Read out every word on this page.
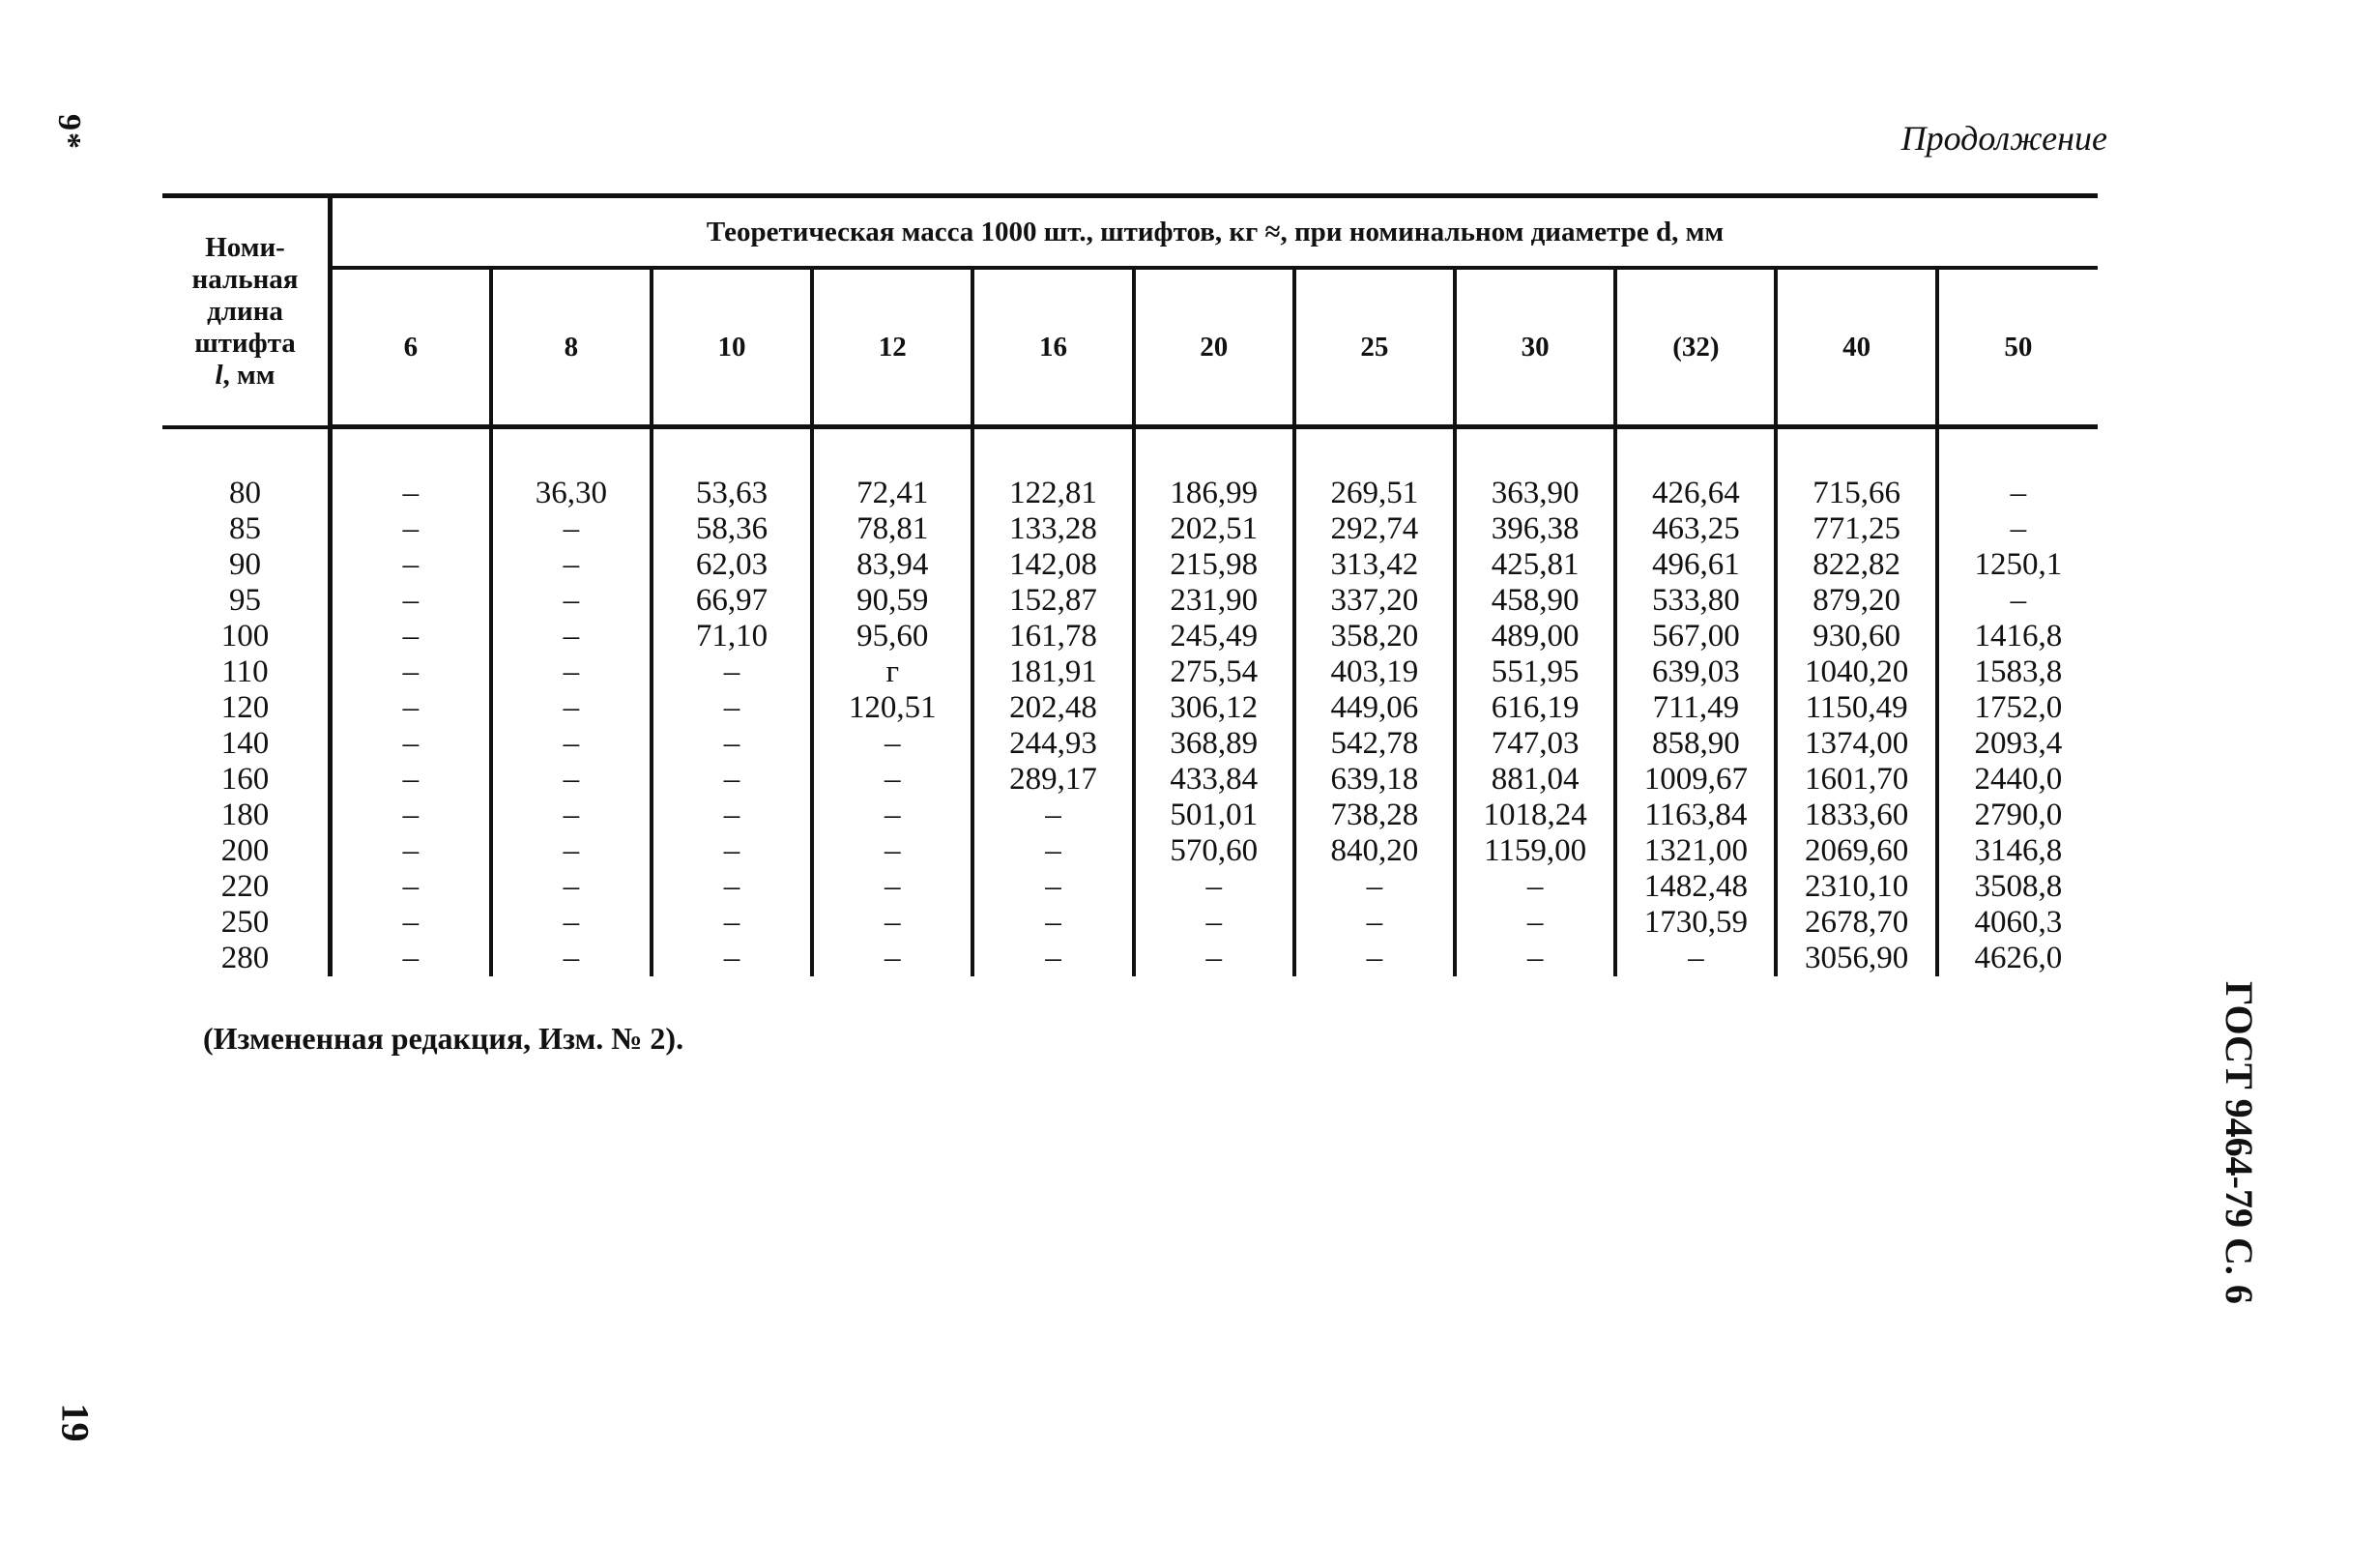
9*
19
ГОСТ 9464-79 С. 6
Продолжение
Номи-
нальная
длина
штифта
l, мм	Теоретическая масса 1000 шт., штифтов, кг ≈, при номинальном диаметре d, мм										
	6	8	10	12	16	20	25	30	(32)	40	50
80	–	36,30	53,63	72,41	122,81	186,99	269,51	363,90	426,64	715,66	–
85	–	–	58,36	78,81	133,28	202,51	292,74	396,38	463,25	771,25	–
90	–	–	62,03	83,94	142,08	215,98	313,42	425,81	496,61	822,82	1250,1
95	–	–	66,97	90,59	152,87	231,90	337,20	458,90	533,80	879,20	–
100	–	–	71,10	95,60	161,78	245,49	358,20	489,00	567,00	930,60	1416,8
110	–	–	–	г	181,91	275,54	403,19	551,95	639,03	1040,20	1583,8
120	–	–	–	120,51	202,48	306,12	449,06	616,19	711,49	1150,49	1752,0
140	–	–	–	–	244,93	368,89	542,78	747,03	858,90	1374,00	2093,4
160	–	–	–	–	289,17	433,84	639,18	881,04	1009,67	1601,70	2440,0
180	–	–	–	–	–	501,01	738,28	1018,24	1163,84	1833,60	2790,0
200	–	–	–	–	–	570,60	840,20	1159,00	1321,00	2069,60	3146,8
220	–	–	–	–	–	–	–	–	1482,48	2310,10	3508,8
250	–	–	–	–	–	–	–	–	1730,59	2678,70	4060,3
280	–	–	–	–	–	–	–	–	–	3056,90	4626,0
(Измененная редакция, Изм. № 2).
